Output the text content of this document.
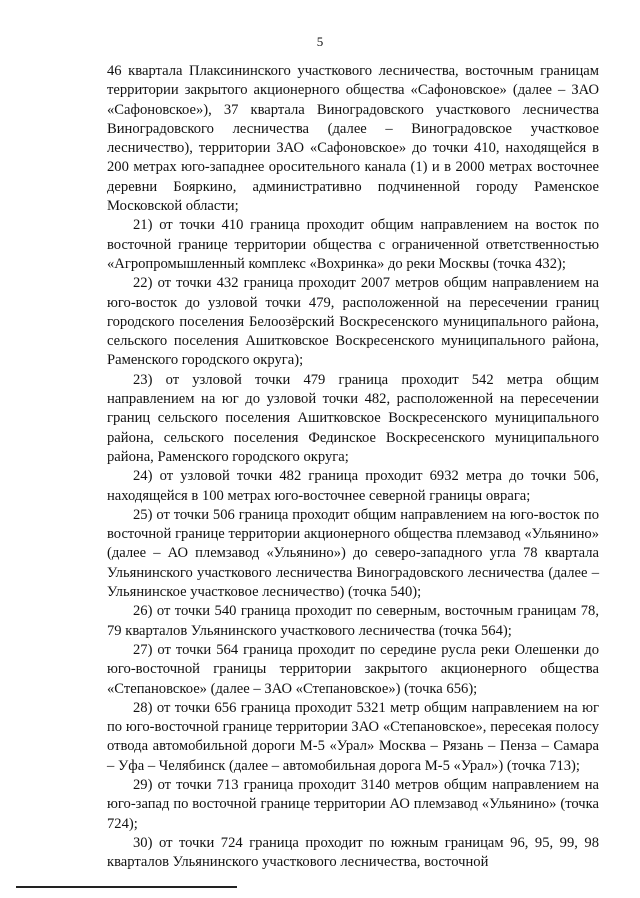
5

46 квартала Плаксининского участкового лесничества, восточным границам территории закрытого акционерного общества «Сафоновское» (далее – ЗАО «Сафоновское»), 37 квартала Виноградовского участкового лесничества Виноградовского лесничества (далее – Виноградовское участковое лесничество), территории ЗАО «Сафоновское» до точки 410, находящейся в 200 метрах юго-западнее оросительного канала (1) и в 2000 метрах восточнее деревни Бояркино, административно подчиненной городу Раменское Московской области;

21) от точки 410 граница проходит общим направлением на восток по восточной границе территории общества с ограниченной ответственностью «Агропромышленный комплекс «Вохринка» до реки Москвы (точка 432);

22) от точки 432 граница проходит 2007 метров общим направлением на юго-восток до узловой точки 479, расположенной на пересечении границ городского поселения Белоозёрский Воскресенского муниципального района, сельского поселения Ашитковское Воскресенского муниципального района, Раменского городского округа);

23) от узловой точки 479 граница проходит 542 метра общим направлением на юг до узловой точки 482, расположенной на пересечении границ сельского поселения Ашитковское Воскресенского муниципального района, сельского поселения Фединское Воскресенского муниципального района, Раменского городского округа;

24) от узловой точки 482 граница проходит 6932 метра до точки 506, находящейся в 100 метрах юго-восточнее северной границы оврага;

25) от точки 506 граница проходит общим направлением на юго-восток по восточной границе территории акционерного общества племзавод «Ульянино» (далее – АО племзавод «Ульянино») до северо-западного угла 78 квартала Ульянинского участкового лесничества Виноградовского лесничества (далее – Ульянинское участковое лесничество) (точка 540);

26) от точки 540 граница проходит по северным, восточным границам 78, 79 кварталов Ульянинского участкового лесничества (точка 564);

27) от точки 564 граница проходит по середине русла реки Олешенки до юго-восточной границы территории закрытого акционерного общества «Степановское» (далее – ЗАО «Степановское») (точка 656);

28) от точки 656 граница проходит 5321 метр общим направлением на юг по юго-восточной границе территории ЗАО «Степановское», пересекая полосу отвода автомобильной дороги М-5 «Урал» Москва – Рязань – Пенза – Самара – Уфа – Челябинск (далее – автомобильная дорога М-5 «Урал») (точка 713);

29) от точки 713 граница проходит 3140 метров общим направлением на юго-запад по восточной границе территории АО племзавод «Ульянино» (точка 724);

30) от точки 724 граница проходит по южным границам 96, 95, 99, 98 кварталов Ульянинского участкового лесничества, восточной
